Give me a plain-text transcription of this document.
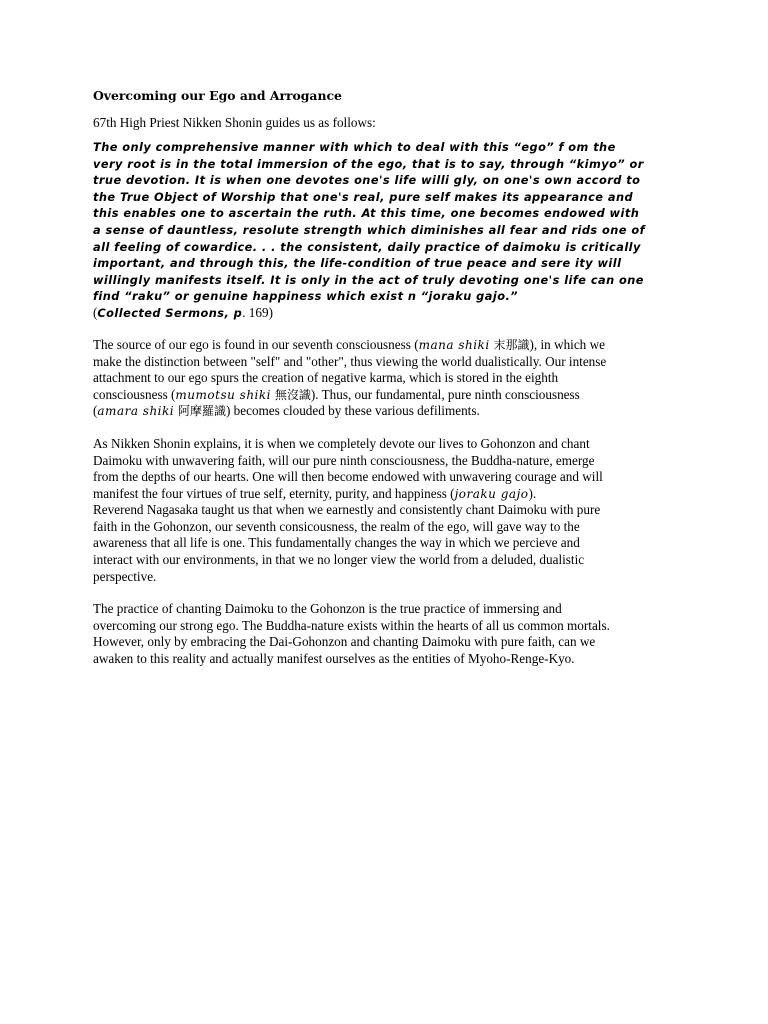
Overcoming our Ego and Arrogance
67th High Priest Nikken Shonin guides us as follows:
The only comprehensive manner with which to deal with this “ego” f om the
very root is in the total immersion of the ego, that is to say, through “kimyo” or
true devotion. It is when one devotes one's life willi gly, on one's own accord to
the True Object of Worship that one's real, pure self makes its appearance and
this enables one to ascertain the ruth. At this time, one becomes endowed with
a sense of dauntless, resolute strength which diminishes all fear and rids one of
all feeling of cowardice. . . the consistent, daily practice of daimoku is critically
important, and through this, the life-condition of true peace and sere ity will
willingly manifests itself. It is only in the act of truly devoting one's life can one
find “raku” or genuine happiness which exist n “joraku gajo.”
(Collected Sermons, p. 169)
The source of our ego is found in our seventh consciousness (mana shiki 末那識), in which we
make the distinction between "self" and "other", thus viewing the world dualistically. Our intense
attachment to our ego spurs the creation of negative karma, which is stored in the eighth
consciousness (mumotsu shiki 無沒識). Thus, our fundamental, pure ninth consciousness
(amara shiki 阿摩羅識) becomes clouded by these various defiliments.
As Nikken Shonin explains, it is when we completely devote our lives to Gohonzon and chant
Daimoku with unwavering faith, will our pure ninth consciousness, the Buddha-nature, emerge
from the depths of our hearts. One will then become endowed with unwavering courage and will
manifest the four virtues of true self, eternity, purity, and happiness (joraku gajo).
Reverend Nagasaka taught us that when we earnestly and consistently chant Daimoku with pure
faith in the Gohonzon, our seventh consicousness, the realm of the ego, will gave way to the
awareness that all life is one. This fundamentally changes the way in which we percieve and
interact with our environments, in that we no longer view the world from a deluded, dualistic
perspective.
The practice of chanting Daimoku to the Gohonzon is the true practice of immersing and
overcoming our strong ego. The Buddha-nature exists within the hearts of all us common mortals.
However, only by embracing the Dai-Gohonzon and chanting Daimoku with pure faith, can we
awaken to this reality and actually manifest ourselves as the entities of Myoho-Renge-Kyo.
